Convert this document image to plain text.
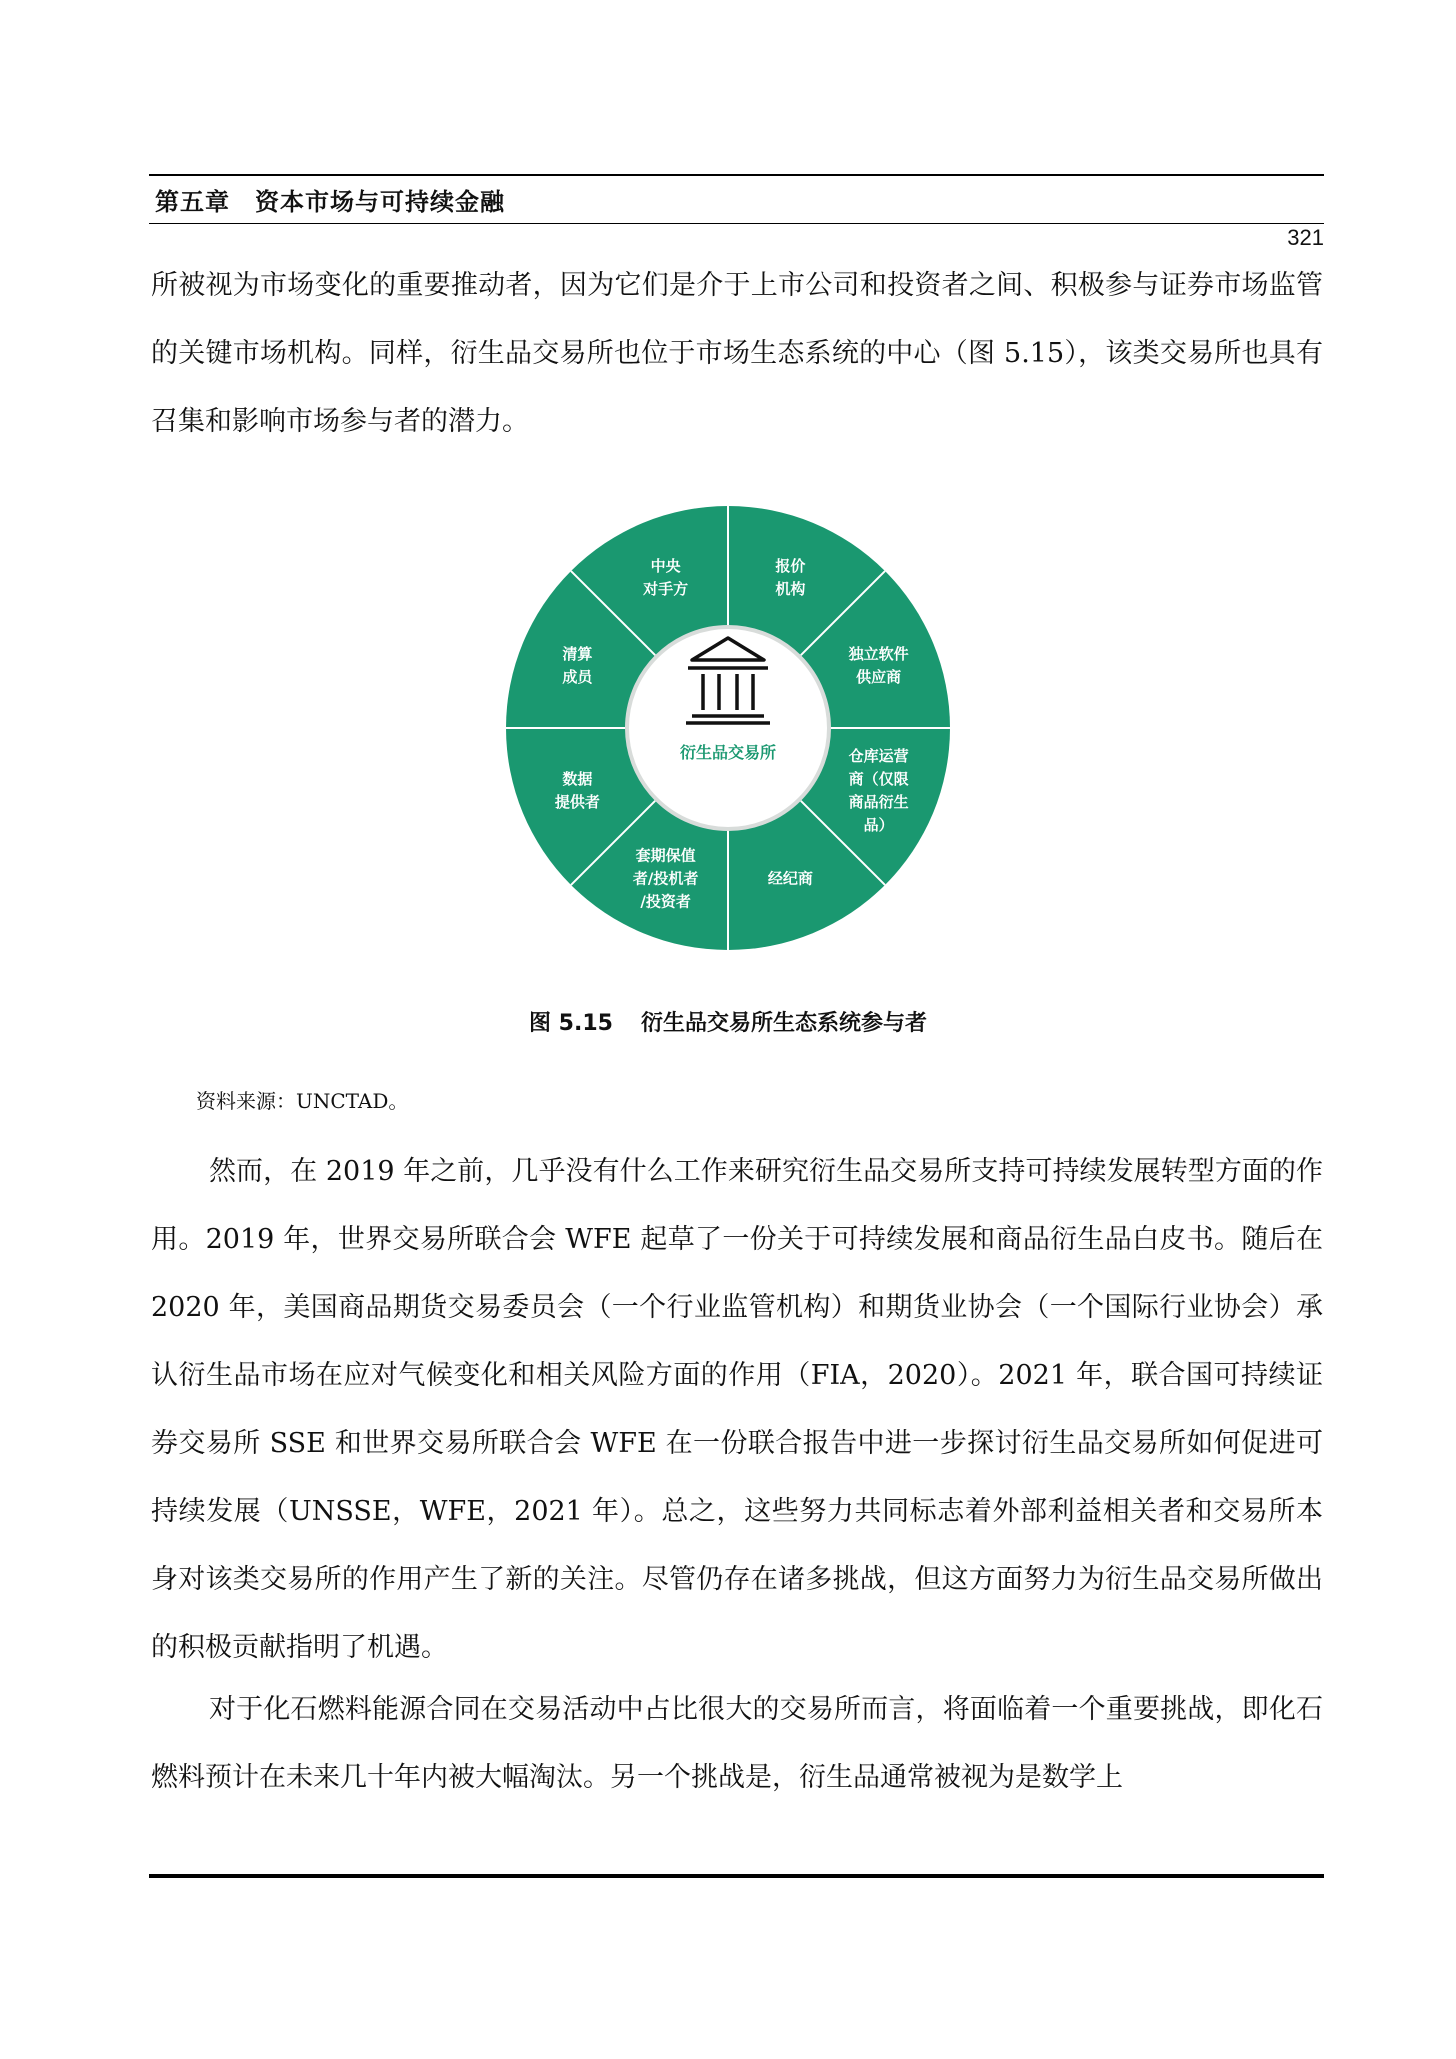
第五章　资本市场与可持续金融
321

所被视为市场变化的重要推动者，因为它们是介于上市公司和投资者之间、积极参与证券市场监管的关键市场机构。同样，衍生品交易所也位于市场生态系统的中心（图 5.15），该类交易所也具有召集和影响市场参与者的潜力。

报价机构
独立软件供应商
仓库运营商（仅限商品衍生品）
经纪商
套期保值者/投机者/投资者
数据提供者
清算成员
中央对手方
衍生品交易所
图 5.15 衍生品交易所生态系统参与者
资料来源：UNCTAD。

然而，在 2019 年之前，几乎没有什么工作来研究衍生品交易所支持可持续发展转型方面的作用。2019 年，世界交易所联合会 WFE 起草了一份关于可持续发展和商品衍生品白皮书。随后在 2020 年，美国商品期货交易委员会（一个行业监管机构）和期货业协会（一个国际行业协会）承认衍生品市场在应对气候变化和相关风险方面的作用（FIA，2020）。2021 年，联合国可持续证券交易所 SSE 和世界交易所联合会 WFE 在一份联合报告中进一步探讨衍生品交易所如何促进可持续发展（UNSSE，WFE，2021 年）。总之，这些努力共同标志着外部利益相关者和交易所本身对该类交易所的作用产生了新的关注。尽管仍存在诸多挑战，但这方面努力为衍生品交易所做出的积极贡献指明了机遇。

对于化石燃料能源合同在交易活动中占比很大的交易所而言，将面临着一个重要挑战，即化石燃料预计在未来几十年内被大幅淘汰。另一个挑战是，衍生品通常被视为是数学上
